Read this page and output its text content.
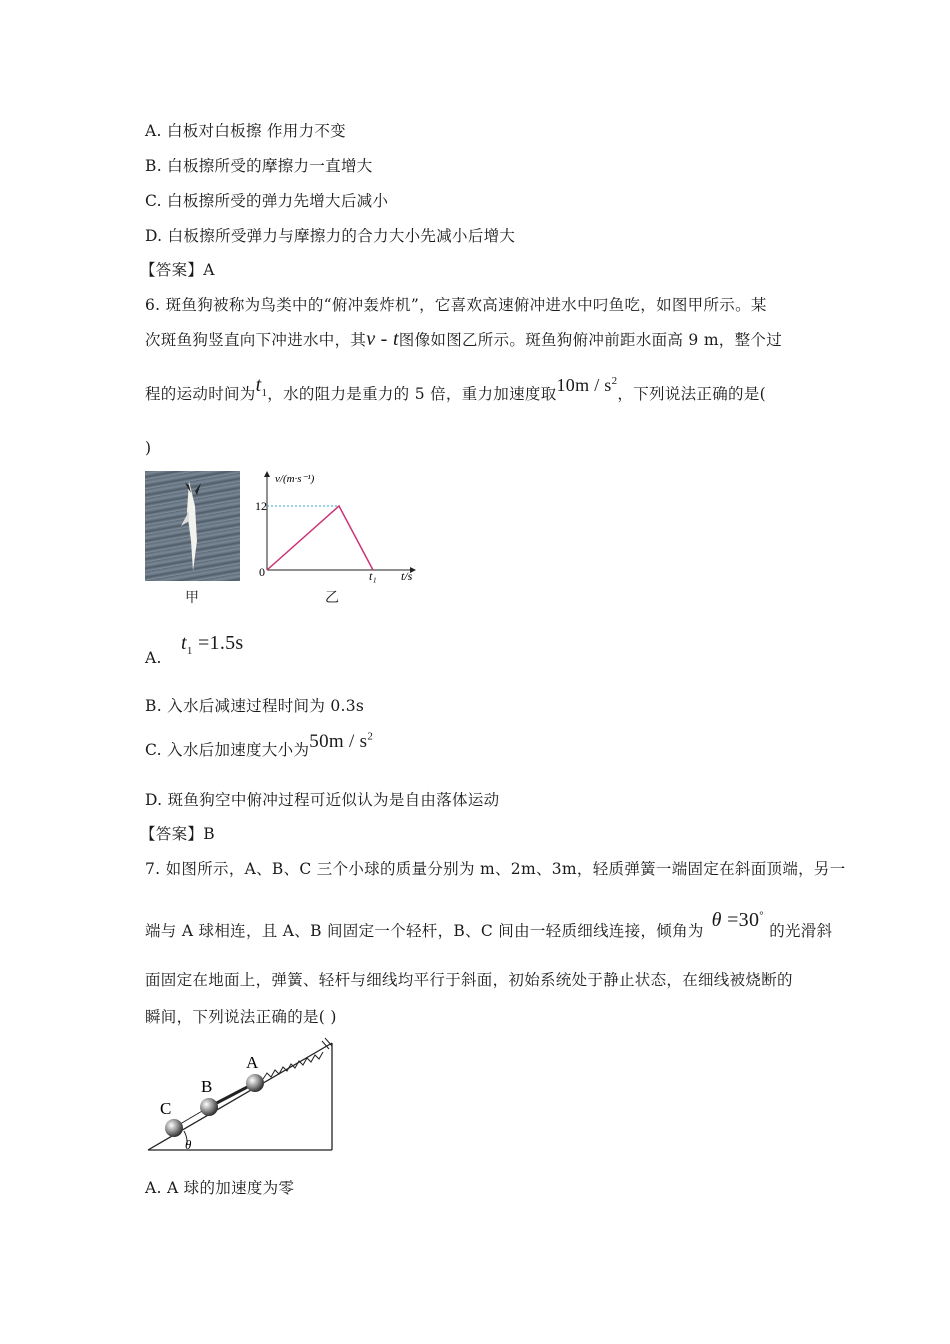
A. 白板对白板擦 作用力不变
B. 白板擦所受的摩擦力一直增大
C. 白板擦所受的弹力先增大后减小
D. 白板擦所受弹力与摩擦力的合力大小先减小后增大
【答案】A
6. 斑鱼狗被称为鸟类中的“俯冲轰炸机”，它喜欢高速俯冲进水中叼鱼吃，如图甲所示。某
次斑鱼狗竖直向下冲进水中，其v - t图像如图乙所示。斑鱼狗俯冲前距水面高 9 m，整个过
程的运动时间为$t_1$，水的阻力是重力的 5 倍，重力加速度取$10m / s^2$，下列说法正确的是(
)
甲
v/(m·s⁻¹)
12
0	t₁ t/s
乙
A. $t_1 =1.5s$
B. 入水后减速过程时间为 0.3s
C. 入水后加速度大小为$50m / s^2$
D. 斑鱼狗空中俯冲过程可近似认为是自由落体运动
【答案】B
7. 如图所示，A、B、C 三个小球的质量分别为 m、2m、3m，轻质弹簧一端固定在斜面顶端，另一
端与 A 球相连，且 A、B 间固定一个轻杆，B、C 间由一轻质细线连接，倾角为 θ =30° 的光滑斜
面固定在地面上，弹簧、轻杆与细线均平行于斜面，初始系统处于静止状态，在细线被烧断的
瞬间，下列说法正确的是( )
A
B
C
θ
A. A 球的加速度为零
